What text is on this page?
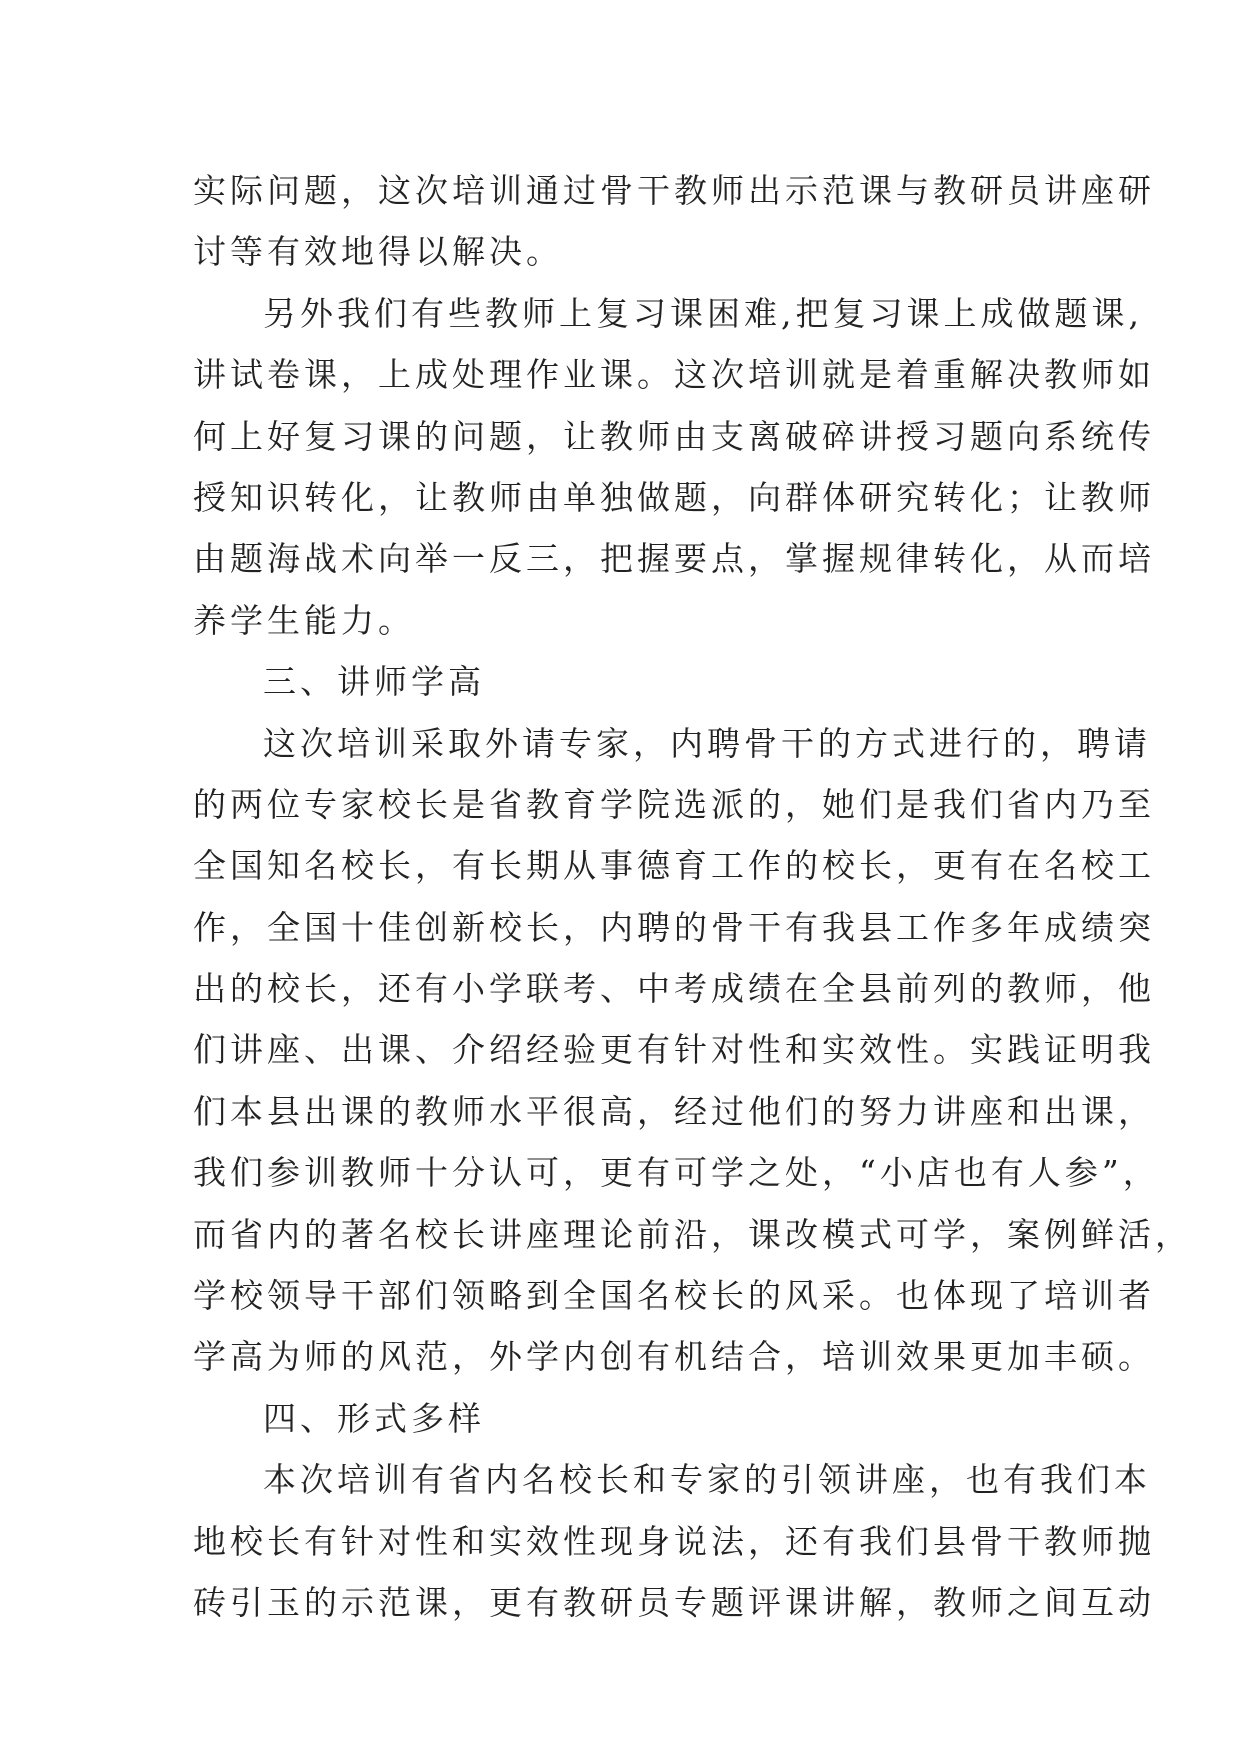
实际问题，这次培训通过骨干教师出示范课与教研员讲座研
讨等有效地得以解决。
另外我们有些教师上复习课困难,把复习课上成做题课,
讲试卷课，上成处理作业课。这次培训就是着重解决教师如
何上好复习课的问题，让教师由支离破碎讲授习题向系统传
授知识转化，让教师由单独做题，向群体研究转化；让教师
由题海战术向举一反三，把握要点，掌握规律转化，从而培
养学生能力。
三、讲师学高
这次培训采取外请专家，内聘骨干的方式进行的，聘请
的两位专家校长是省教育学院选派的，她们是我们省内乃至
全国知名校长，有长期从事德育工作的校长，更有在名校工
作，全国十佳创新校长，内聘的骨干有我县工作多年成绩突
出的校长，还有小学联考、中考成绩在全县前列的教师，他
们讲座、出课、介绍经验更有针对性和实效性。实践证明我
们本县出课的教师水平很高，经过他们的努力讲座和出课，
我们参训教师十分认可，更有可学之处，“小店也有人参”，
而省内的著名校长讲座理论前沿，课改模式可学，案例鲜活，
学校领导干部们领略到全国名校长的风采。也体现了培训者
学高为师的风范，外学内创有机结合，培训效果更加丰硕。
四、形式多样
本次培训有省内名校长和专家的引领讲座，也有我们本
地校长有针对性和实效性现身说法，还有我们县骨干教师抛
砖引玉的示范课，更有教研员专题评课讲解，教师之间互动
